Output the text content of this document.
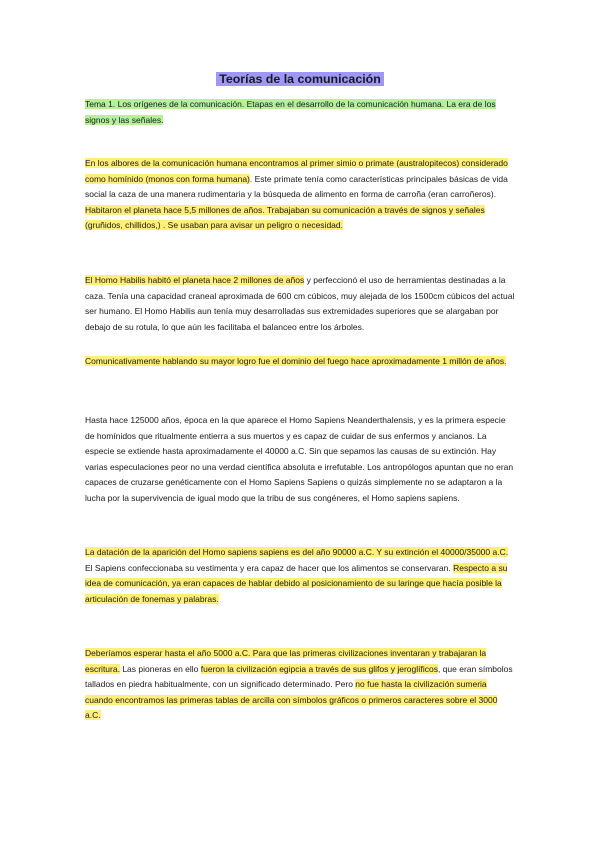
Teorías de la comunicación
Tema 1. Los orígenes de la comunicación. Etapas en el desarrollo de la comunicación humana. La era de los signos y las señales.
En los albores de la comunicación humana encontramos al primer simio o primate (australopitecos) considerado como homínido (monos con forma humana). Este primate tenía como características principales básicas de vida social la caza de una manera rudimentaria y la búsqueda de alimento en forma de carroña (eran carroñeros). Habitaron el planeta hace 5,5 millones de años. Trabajaban su comunicación a través de signos y señales (gruñidos, chillidos,) . Se usaban para avisar un peligro o necesidad.
El Homo Habilis habitó el planeta hace 2 millones de años y perfeccionó el uso de herramientas destinadas a la caza. Tenía una capacidad craneal aproximada de 600 cm cúbicos, muy alejada de los 1500cm cúbicos del actual ser humano. El Homo Habilis aun tenía muy desarrolladas sus extremidades superiores que se alargaban por debajo de su rotula, lo que aún les facilitaba el balanceo entre los árboles.
Comunicativamente hablando su mayor logro fue el dominio del fuego hace aproximadamente 1 millón de años.
Hasta hace 125000 años, época en la que aparece el Homo Sapiens Neanderthalensis, y es la primera especie de homínidos que ritualmente entierra a sus muertos y es capaz de cuidar de sus enfermos y ancianos. La especie se extiende hasta aproximadamente el 40000 a.C. Sin que sepamos las causas de su extinción. Hay varias especulaciones peor no una verdad científica absoluta e irrefutable. Los antropólogos apuntan que no eran capaces de cruzarse genéticamente con el Homo Sapiens Sapiens o quizás simplemente no se adaptaron a la lucha por la supervivencia de igual modo que la tribu de sus congéneres, el Homo sapiens sapiens.
La datación de la aparición del Homo sapiens sapiens es del año 90000 a.C. Y su extinción el 40000/35000 a.C. El Sapiens confeccionaba su vestimenta y era capaz de hacer que los alimentos se conservaran. Respecto a su idea de comunicación, ya eran capaces de hablar debido al posicionamiento de su laringe que hacía posible la articulación de fonemas y palabras.
Deberíamos esperar hasta el año 5000 a.C. Para que las primeras civilizaciones inventaran y trabajaran la escritura. Las pioneras en ello fueron la civilización egipcia a través de sus glifos y jeroglíficos, que eran símbolos tallados en piedra habitualmente, con un significado determinado. Pero no fue hasta la civilización sumeria cuando encontramos las primeras tablas de arcilla con símbolos gráficos o primeros caracteres sobre el 3000 a.C.
